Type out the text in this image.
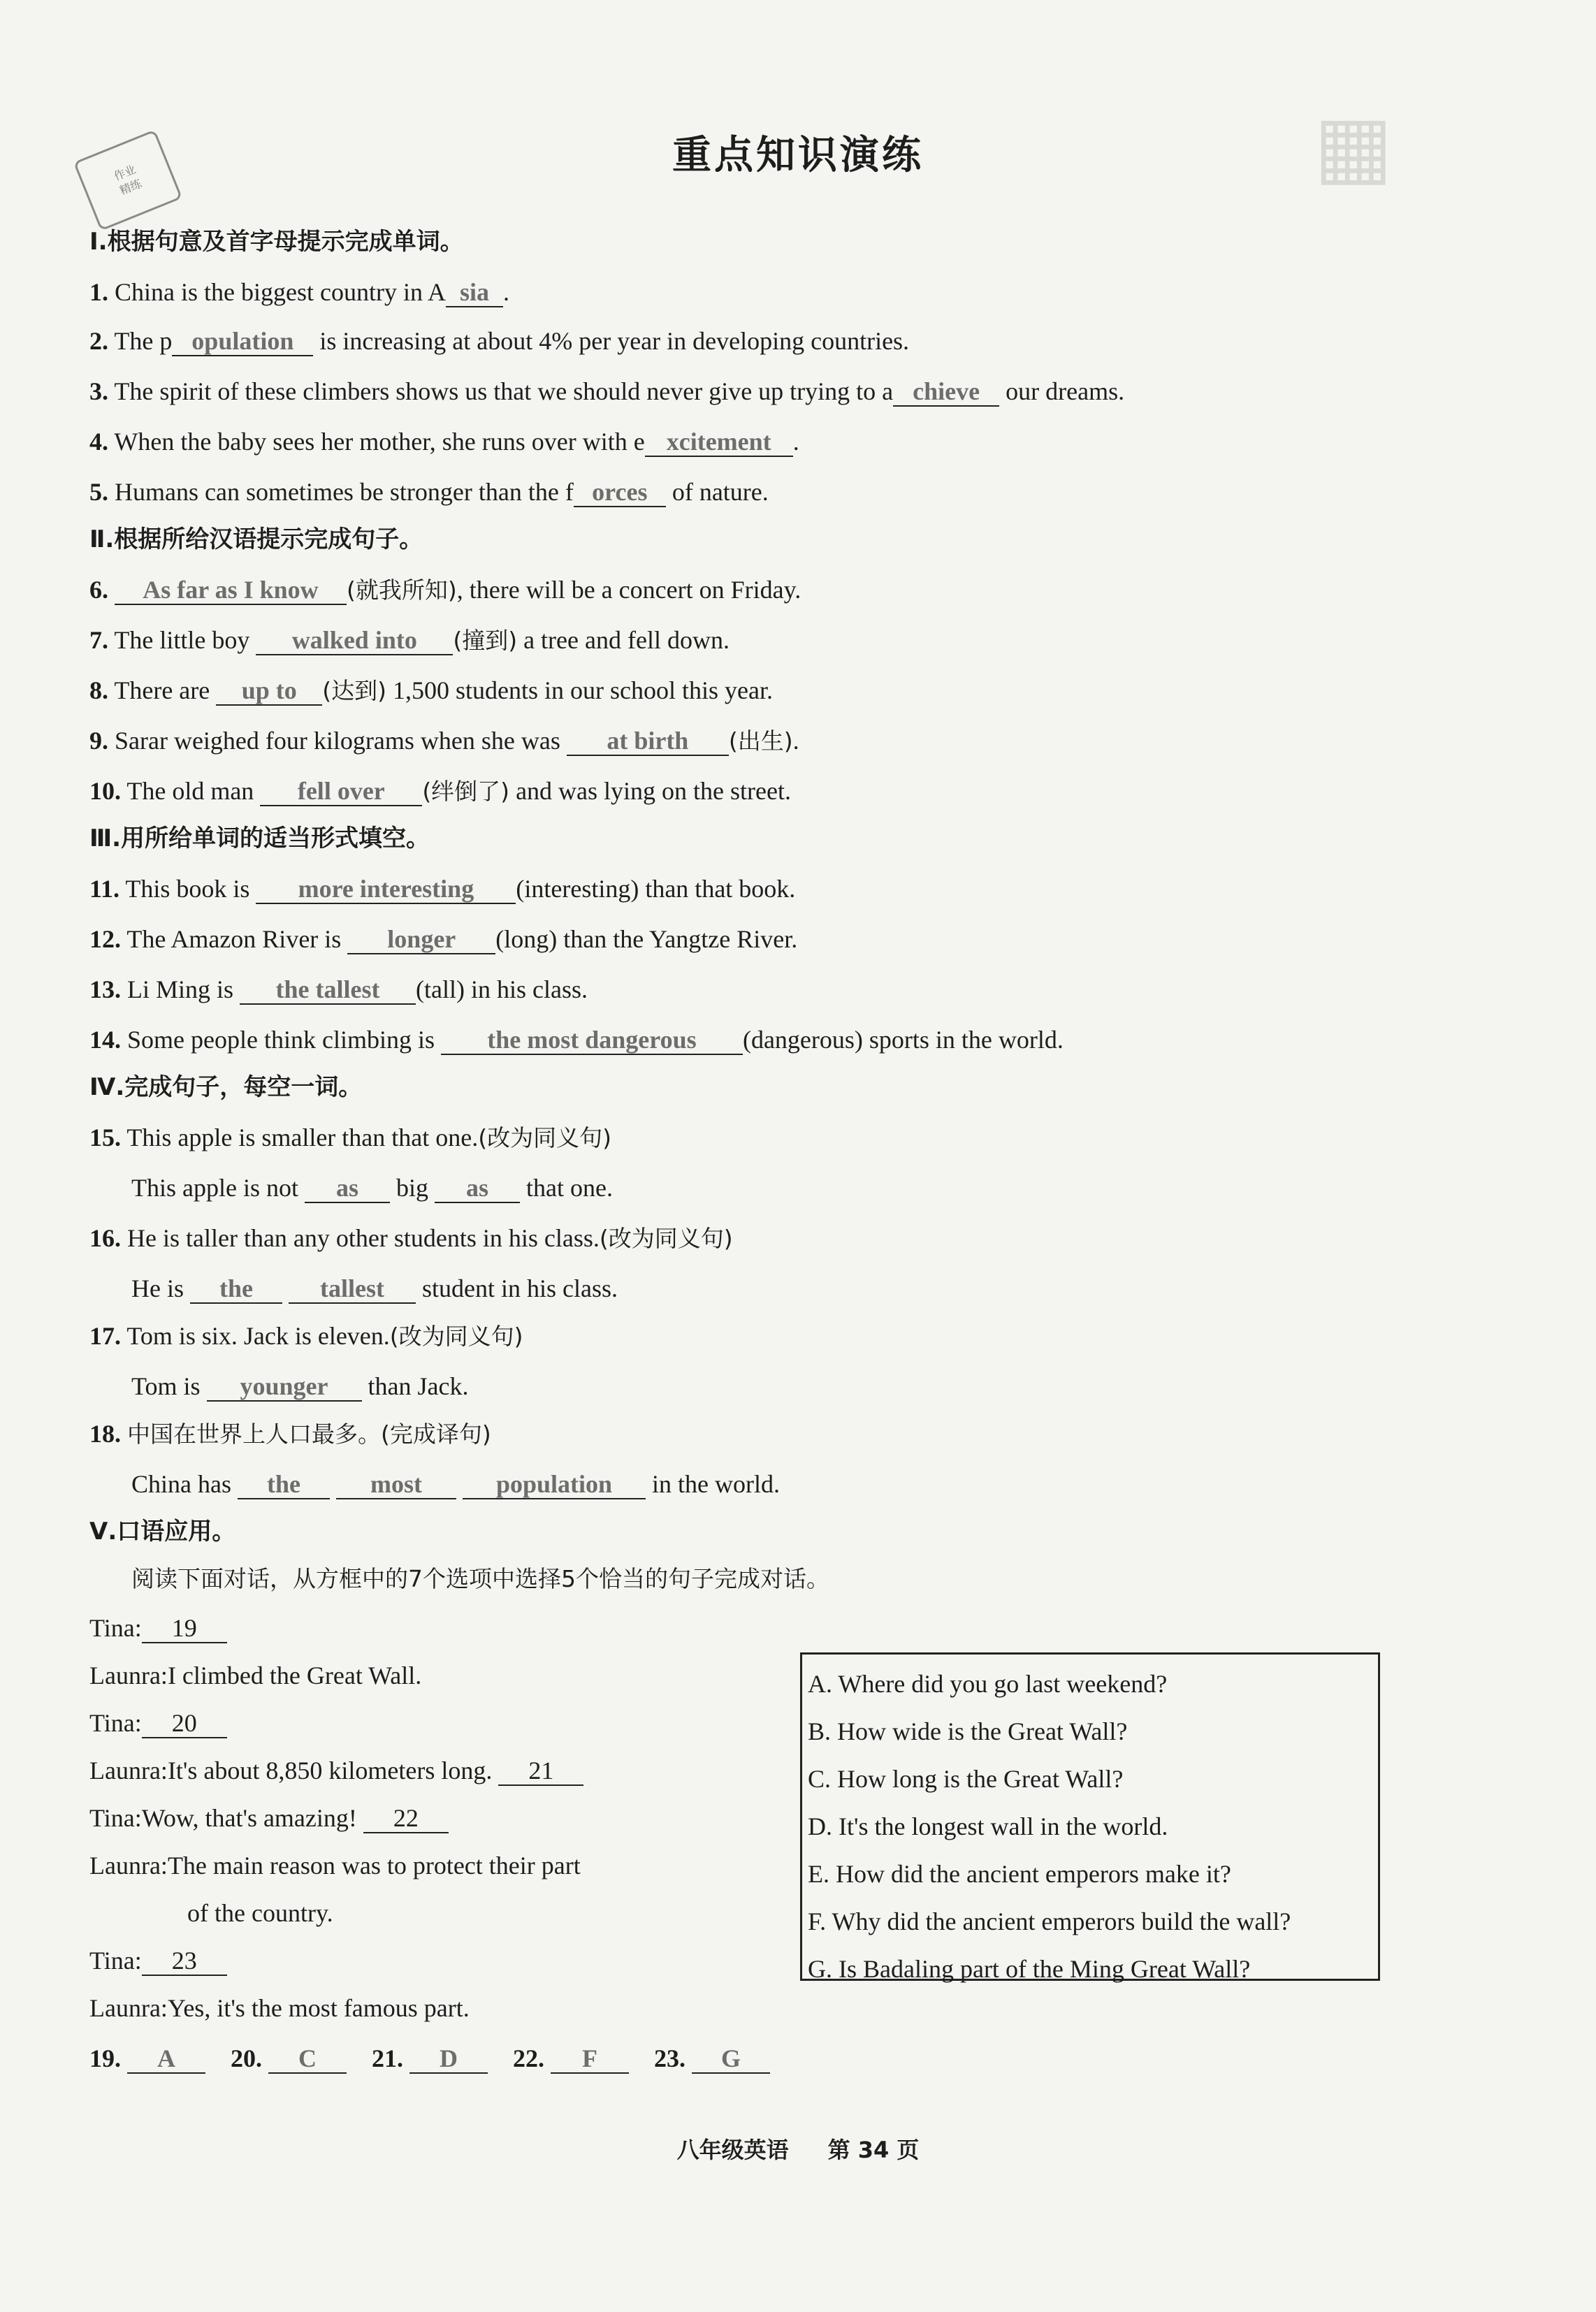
▦
作业
精练
重点知识演练
Ⅰ.根据句意及首字母提示完成单词。
1. China is the biggest country in A sia .
2. The p opulation is increasing at about 4% per year in developing countries.
3. The spirit of these climbers shows us that we should never give up trying to a chieve our dreams.
4. When the baby sees her mother, she runs over with e xcitement .
5. Humans can sometimes be stronger than the f orces of nature.
Ⅱ.根据所给汉语提示完成句子。
6. As far as I know (就我所知), there will be a concert on Friday.
7. The little boy walked into (撞到) a tree and fell down.
8. There are up to (达到) 1,500 students in our school this year.
9. Sarar weighed four kilograms when she was at birth (出生).
10. The old man fell over (绊倒了) and was lying on the street.
Ⅲ.用所给单词的适当形式填空。
11. This book is more interesting (interesting) than that book.
12. The Amazon River is longer (long) than the Yangtze River.
13. Li Ming is the tallest (tall) in his class.
14. Some people think climbing is the most dangerous (dangerous) sports in the world.
Ⅳ.完成句子，每空一词。
15. This apple is smaller than that one.(改为同义句)
This apple is not as big as that one.
16. He is taller than any other students in his class.(改为同义句)
He is the	tallest student in his class.
17. Tom is six. Jack is eleven.(改为同义句)
Tom is younger than Jack.
18. 中国在世界上人口最多。(完成译句)
China has the	most	population in the world.
Ⅴ.口语应用。
阅读下面对话，从方框中的7个选项中选择5个恰当的句子完成对话。
Tina: 19
Launra:I climbed the Great Wall.
Tina: 20
Launra:It's about 8,850 kilometers long. 21
Tina:Wow, that's amazing! 22
Launra:The main reason was to protect their part
of the country.
Tina: 23
Launra:Yes, it's the most famous part.
A. Where did you go last weekend?
B. How wide is the Great Wall?
C. How long is the Great Wall?
D. It's the longest wall in the world.
E. How did the ancient emperors make it?
F. Why did the ancient emperors build the wall?
G. Is Badaling part of the Ming Great Wall?
19. A 20. C 21. D 22. F 23. G
八年级英语 第 34 页
